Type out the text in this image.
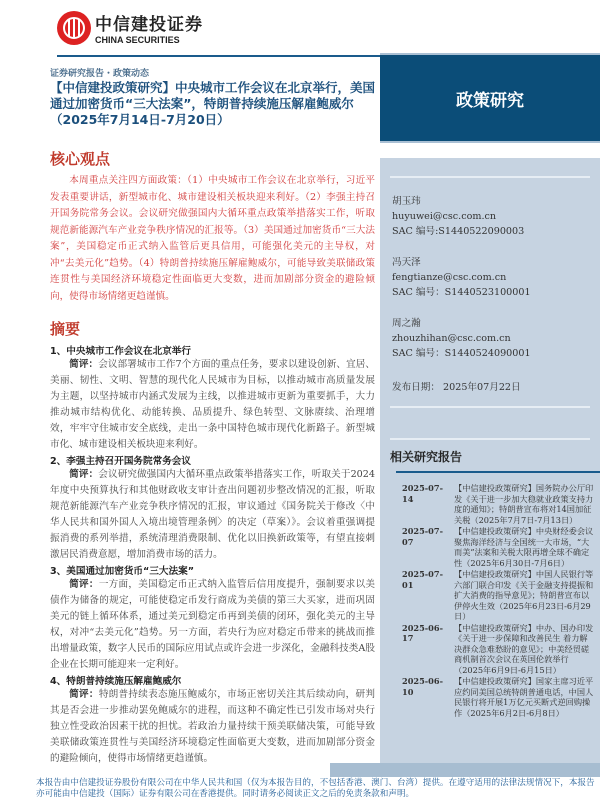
中信建投证券
CHINA SECURITIES
证券研究报告・政策动态
【中信建投政策研究】中央城市工作会议在北京举行，美国通过加密货币“三大法案”，特朗普持续施压解雇鲍威尔（2025年7月14日-7月20日）
政策研究
核心观点
本周重点关注四方面政策：（1）中央城市工作会议在北京举行，习近平发表重要讲话，新型城市化、城市建设相关板块迎来利好。（2）李强主持召开国务院常务会议。会议研究做强国内大循环重点政策举措落实工作，听取规范新能源汽车产业竞争秩序情况的汇报等。（3）美国通过加密货币“三大法案”，美国稳定币正式纳入监管后更具信用，可能强化美元的主导权，对冲“去美元化”趋势。（4）特朗普持续施压解雇鲍威尔，可能导致美联储政策连贯性与美国经济环境稳定性面临更大变数，进而加剧部分资金的避险倾向，使得市场情绪更趋谨慎。
摘要
1、中央城市工作会议在北京举行

简评：会议部署城市工作7个方面的重点任务，要求以建设创新、宜居、美丽、韧性、文明、智慧的现代化人民城市为目标，以推动城市高质量发展为主题，以坚持城市内涵式发展为主线，以推进城市更新为重要抓手，大力推动城市结构优化、动能转换、品质提升、绿色转型、文脉赓续、治理增效，牢牢守住城市安全底线，走出一条中国特色城市现代化新路子。新型城市化、城市建设相关板块迎来利好。

2、李强主持召开国务院常务会议

简评：会议研究做强国内大循环重点政策举措落实工作，听取关于2024年度中央预算执行和其他财政收支审计查出问题初步整改情况的汇报，听取规范新能源汽车产业竞争秩序情况的汇报，审议通过《国务院关于修改〈中华人民共和国外国人入境出境管理条例〉的决定（草案）》。会议着重强调提振消费的系列举措，系统清理消费限制、优化以旧换新政策等，有望直接刺激居民消费意愿，增加消费市场的活力。

3、美国通过加密货币“三大法案”

简评：一方面，美国稳定币正式纳入监管后信用度提升，强制要求以美债作为储备的规定，可能使稳定币发行商成为美债的第三大买家，进而巩固美元的链上循环体系，通过美元到稳定币再到美债的闭环，强化美元的主导权，对冲“去美元化”趋势。另一方面，若央行为应对稳定币带来的挑战而推出增量政策，数字人民币的国际应用试点或许会进一步深化，金融科技类A股企业在长期可能迎来一定利好。

4、特朗普持续施压解雇鲍威尔

简评：特朗普持续表态施压鲍威尔，市场正密切关注其后续动向，研判其是否会进一步推动罢免鲍威尔的进程，而这种不确定性已引发市场对央行独立性受政治因素干扰的担忧。若政治力量持续干预美联储决策，可能导致美联储政策连贯性与美国经济环境稳定性面临更大变数，进而加剧部分资金的避险倾向，使得市场情绪更趋谨慎。

胡玉玮
huyuwei@csc.com.cn
SAC 编号:S1440522090003
冯天泽
fengtianze@csc.com.cn
SAC 编号：S1440523100001
周之瀚
zhouzhihan@csc.com.cn
SAC 编号：S1440524090001
发布日期： 2025年07月22日
相关研究报告
2025-07-14
【中信建投政策研究】国务院办公厅印发《关于进一步加大稳就业政策支持力度的通知》；特朗普宣布将对14国加征关税（2025年7月7日-7月13日）
2025-07-07
【中信建投政策研究】中央财经委会议聚焦海洋经济与全国统一大市场，“大而美”法案和关税大限再增全球不确定性（2025年6月30日-7月6日）
2025-07-01
【中信建投政策研究】中国人民银行等六部门联合印发《关于金融支持提振和扩大消费的指导意见》；特朗普宣布以伊停火生效（2025年6月23日-6月29日）
2025-06-17
【中信建投政策研究】中办、国办印发《关于进一步保障和改善民生 着力解决群众急难愁盼的意见》；中美经贸磋商机制首次会议在英国伦敦举行（2025年6月9日-6月15日）
2025-06-10
【中信建投政策研究】国家主席习近平应约同美国总统特朗普通电话，中国人民银行将开展1万亿元买断式逆回购操作（2025年6月2日-6月8日）
本报告由中信建投证券股份有限公司在中华人民共和国（仅为本报告目的，不包括香港、澳门、台湾）提供。在遵守适用的法律法规情况下，本报告亦可能由中信建投（国际）证券有限公司在香港提供。同时请务必阅读正文之后的免责条款和声明。
